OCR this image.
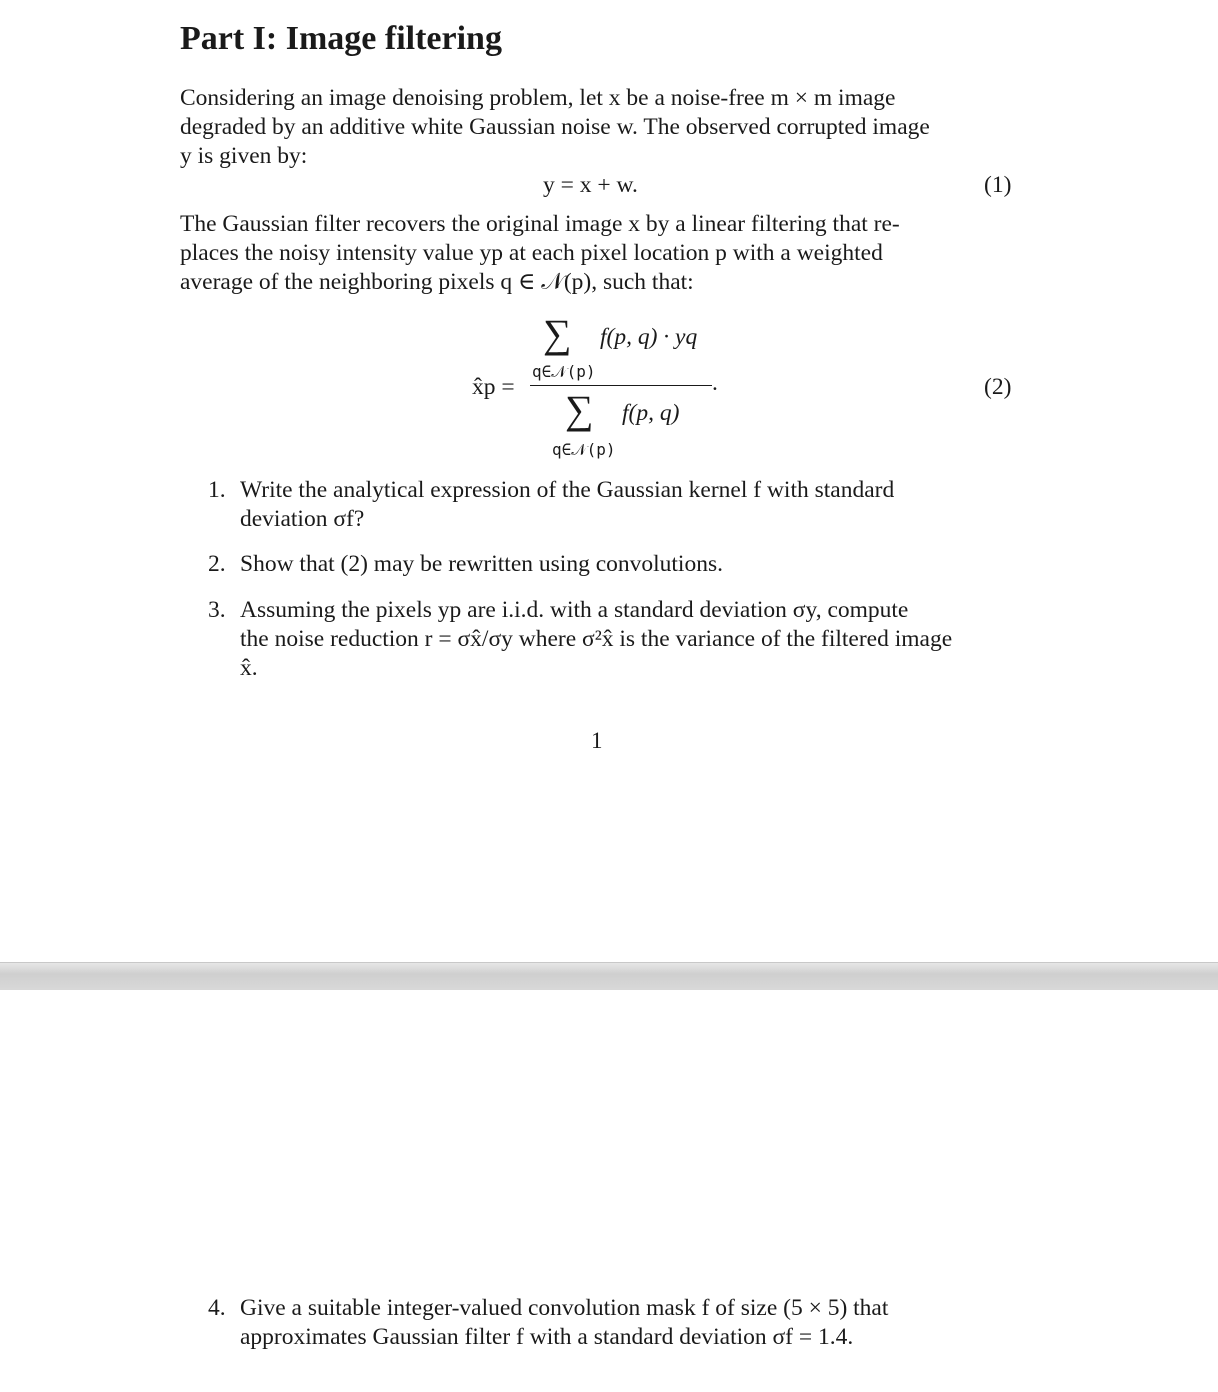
Part I: Image filtering
Considering an image denoising problem, let x be a noise-free m × m image
degraded by an additive white Gaussian noise w. The observed corrupted image
y is given by:
y = x + w.	(1)
The Gaussian filter recovers the original image x by a linear filtering that re-
places the noisy intensity value yp at each pixel location p with a weighted
average of the neighboring pixels q ∈ 𝒩(p), such that:
x̂p =
∑ f(p, q) · yq
q∈𝒩(p)	.
∑ f(p, q)
q∈𝒩(p)
(2)
1. Write the analytical expression of the Gaussian kernel f with standard
deviation σf?
2. Show that (2) may be rewritten using convolutions.
3. Assuming the pixels yp are i.i.d. with a standard deviation σy, compute
the noise reduction r = σx̂/σy where σ²x̂ is the variance of the filtered image
x̂.
1
4. Give a suitable integer-valued convolution mask f of size (5 × 5) that
approximates Gaussian filter f with a standard deviation σf = 1.4.
